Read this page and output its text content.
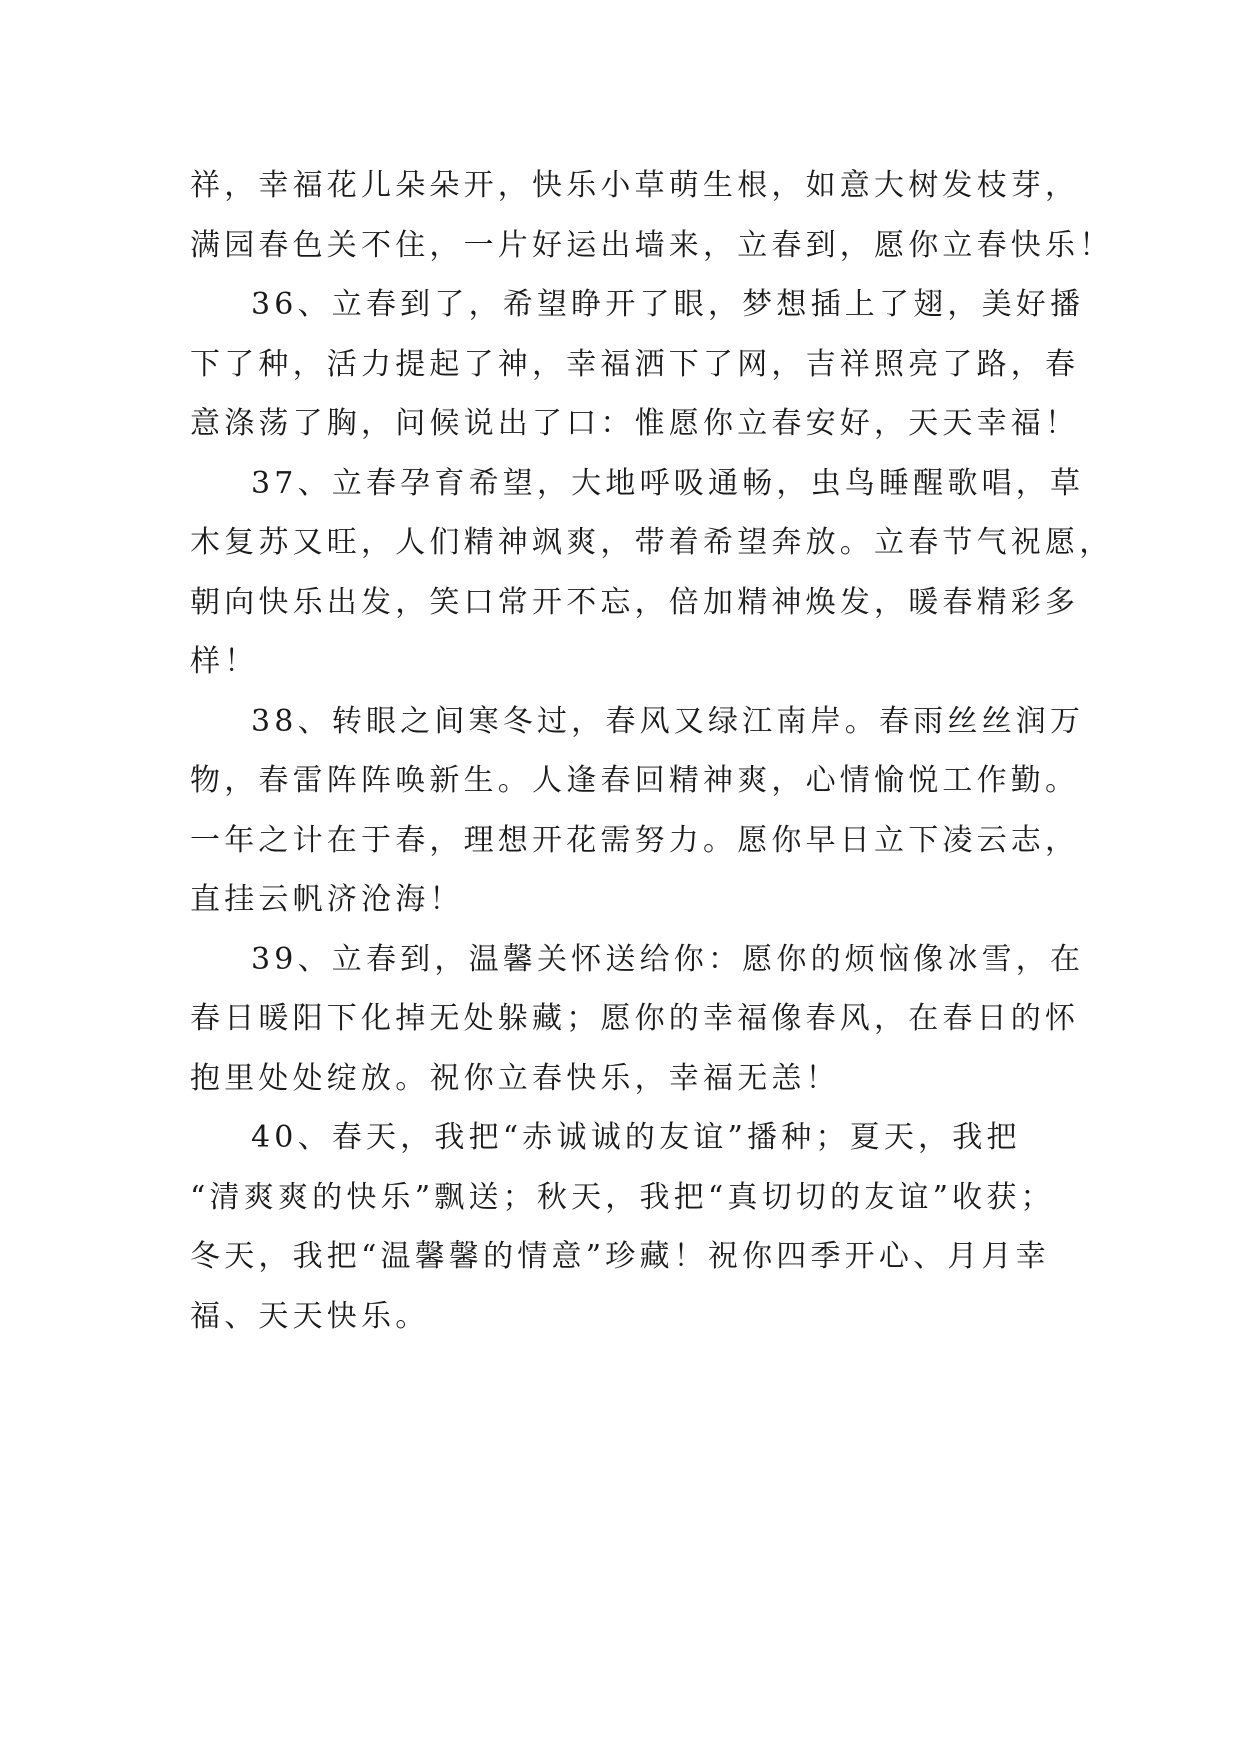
祥，幸福花儿朵朵开，快乐小草萌生根，如意大树发枝芽，
满园春色关不住，一片好运出墙来，立春到，愿你立春快乐！
36、立春到了，希望睁开了眼，梦想插上了翅，美好播
下了种，活力提起了神，幸福洒下了网，吉祥照亮了路，春
意涤荡了胸，问候说出了口：惟愿你立春安好，天天幸福！
37、立春孕育希望，大地呼吸通畅，虫鸟睡醒歌唱，草
木复苏又旺，人们精神飒爽，带着希望奔放。立春节气祝愿，
朝向快乐出发，笑口常开不忘，倍加精神焕发，暖春精彩多
样！
38、转眼之间寒冬过，春风又绿江南岸。春雨丝丝润万
物，春雷阵阵唤新生。人逢春回精神爽，心情愉悦工作勤。
一年之计在于春，理想开花需努力。愿你早日立下凌云志，
直挂云帆济沧海！
39、立春到，温馨关怀送给你：愿你的烦恼像冰雪，在
春日暖阳下化掉无处躲藏；愿你的幸福像春风，在春日的怀
抱里处处绽放。祝你立春快乐，幸福无恙！
40、春天，我把“赤诚诚的友谊”播种；夏天，我把
“清爽爽的快乐”飘送；秋天，我把“真切切的友谊”收获；
冬天，我把“温馨馨的情意”珍藏！祝你四季开心、月月幸
福、天天快乐。
